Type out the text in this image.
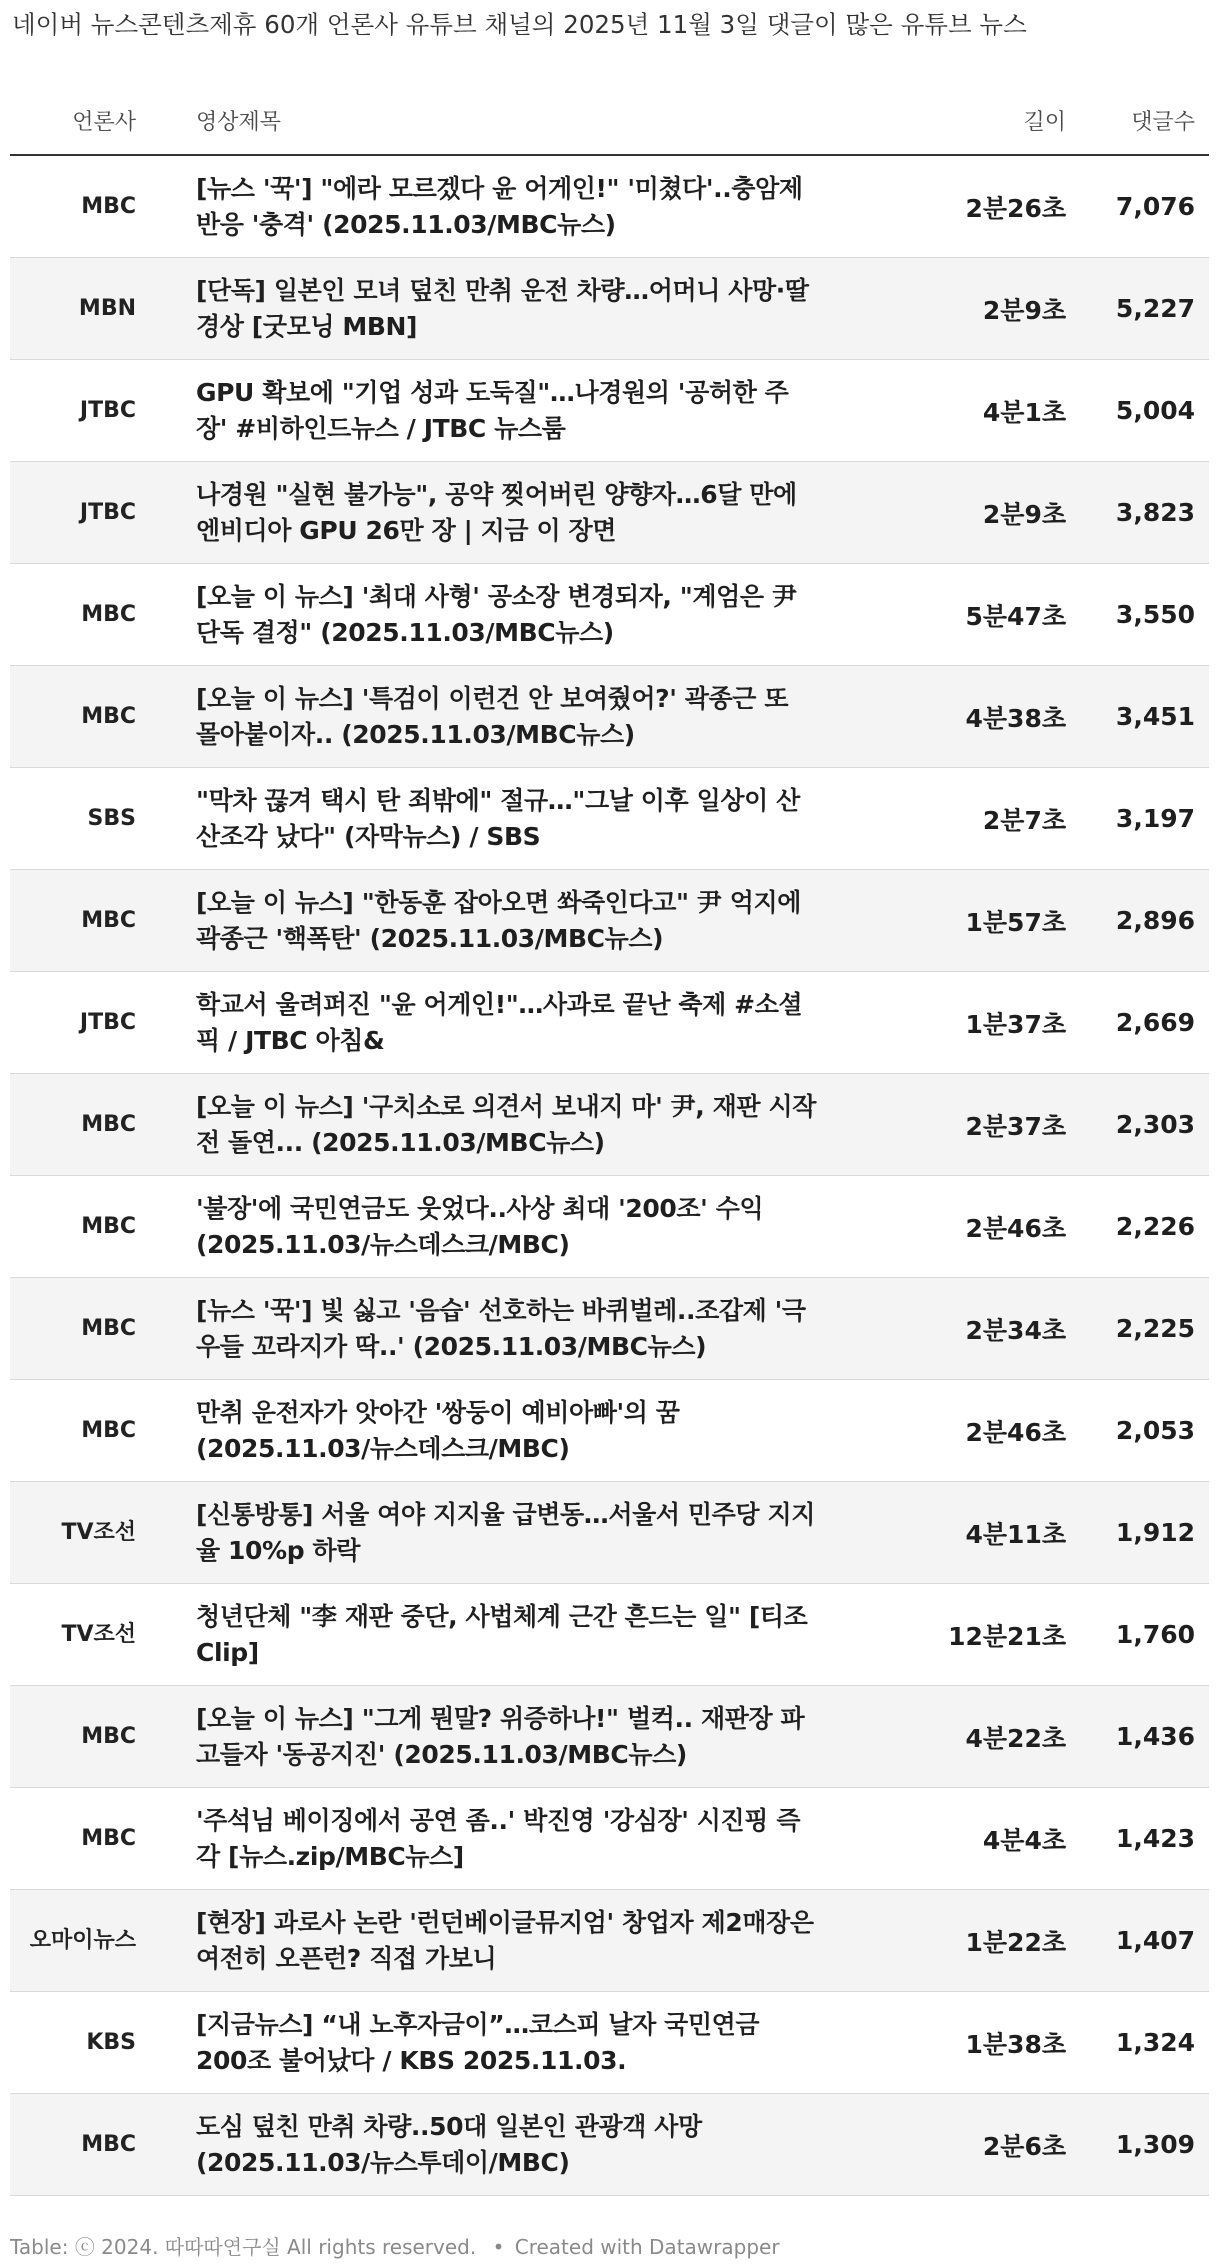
네이버 뉴스콘텐츠제휴 60개 언론사 유튜브 채널의 2025년 11월 3일 댓글이 많은 유튜브 뉴스
언론사	영상제목	길이	댓글수
MBC	[뉴스 '꾹'] "에라 모르겠다 윤 어게인!" '미쳤다'..충암제 반응 '충격' (2025.11.03/MBC뉴스)	2분26초	7,076
MBN	[단독] 일본인 모녀 덮친 만취 운전 차량…어머니 사망·딸 경상 [굿모닝 MBN]	2분9초	5,227
JTBC	GPU 확보에 "기업 성과 도둑질"…나경원의 '공허한 주장' #비하인드뉴스 / JTBC 뉴스룸	4분1초	5,004
JTBC	나경원 "실현 불가능", 공약 찢어버린 양향자…6달 만에 엔비디아 GPU 26만 장 | 지금 이 장면	2분9초	3,823
MBC	[오늘 이 뉴스] '최대 사형' 공소장 변경되자, "계엄은 尹 단독 결정" (2025.11.03/MBC뉴스)	5분47초	3,550
MBC	[오늘 이 뉴스] '특검이 이런건 안 보여줬어?' 곽종근 또 몰아붙이자.. (2025.11.03/MBC뉴스)	4분38초	3,451
SBS	"막차 끊겨 택시 탄 죄밖에" 절규…"그날 이후 일상이 산산조각 났다" (자막뉴스) / SBS	2분7초	3,197
MBC	[오늘 이 뉴스] "한동훈 잡아오면 쏴죽인다고" 尹 억지에 곽종근 '핵폭탄' (2025.11.03/MBC뉴스)	1분57초	2,896
JTBC	학교서 울려퍼진 "윤 어게인!"…사과로 끝난 축제 #소셜픽 / JTBC 아침&	1분37초	2,669
MBC	[오늘 이 뉴스] '구치소로 의견서 보내지 마' 尹, 재판 시작 전 돌연... (2025.11.03/MBC뉴스)	2분37초	2,303
MBC	'불장'에 국민연금도 웃었다..사상 최대 '200조' 수익 (2025.11.03/뉴스데스크/MBC)	2분46초	2,226
MBC	[뉴스 '꾹'] 빛 싫고 '음습' 선호하는 바퀴벌레..조갑제 '극우들 꼬라지가 딱..' (2025.11.03/MBC뉴스)	2분34초	2,225
MBC	만취 운전자가 앗아간 '쌍둥이 예비아빠'의 꿈 (2025.11.03/뉴스데스크/MBC)	2분46초	2,053
TV조선	[신통방통] 서울 여야 지지율 급변동…서울서 민주당 지지율 10%p 하락	4분11초	1,912
TV조선	청년단체 "李 재판 중단, 사법체계 근간 흔드는 일" [티조 Clip]	12분21초	1,760
MBC	[오늘 이 뉴스] "그게 뭔말? 위증하나!" 벌컥.. 재판장 파고들자 '동공지진' (2025.11.03/MBC뉴스)	4분22초	1,436
MBC	'주석님 베이징에서 공연 좀..' 박진영 '강심장' 시진핑 즉각 [뉴스.zip/MBC뉴스]	4분4초	1,423
오마이뉴스	[현장] 과로사 논란 '런던베이글뮤지엄' 창업자 제2매장은 여전히 오픈런? 직접 가보니	1분22초	1,407
KBS	[지금뉴스] “내 노후자금이”…코스피 날자 국민연금 200조 불어났다 / KBS 2025.11.03.	1분38초	1,324
MBC	도심 덮친 만취 차량..50대 일본인 관광객 사망 (2025.11.03/뉴스투데이/MBC)	2분6초	1,309
Table: ⓒ 2024. 따따따연구실 All rights reserved. • Created with Datawrapper
